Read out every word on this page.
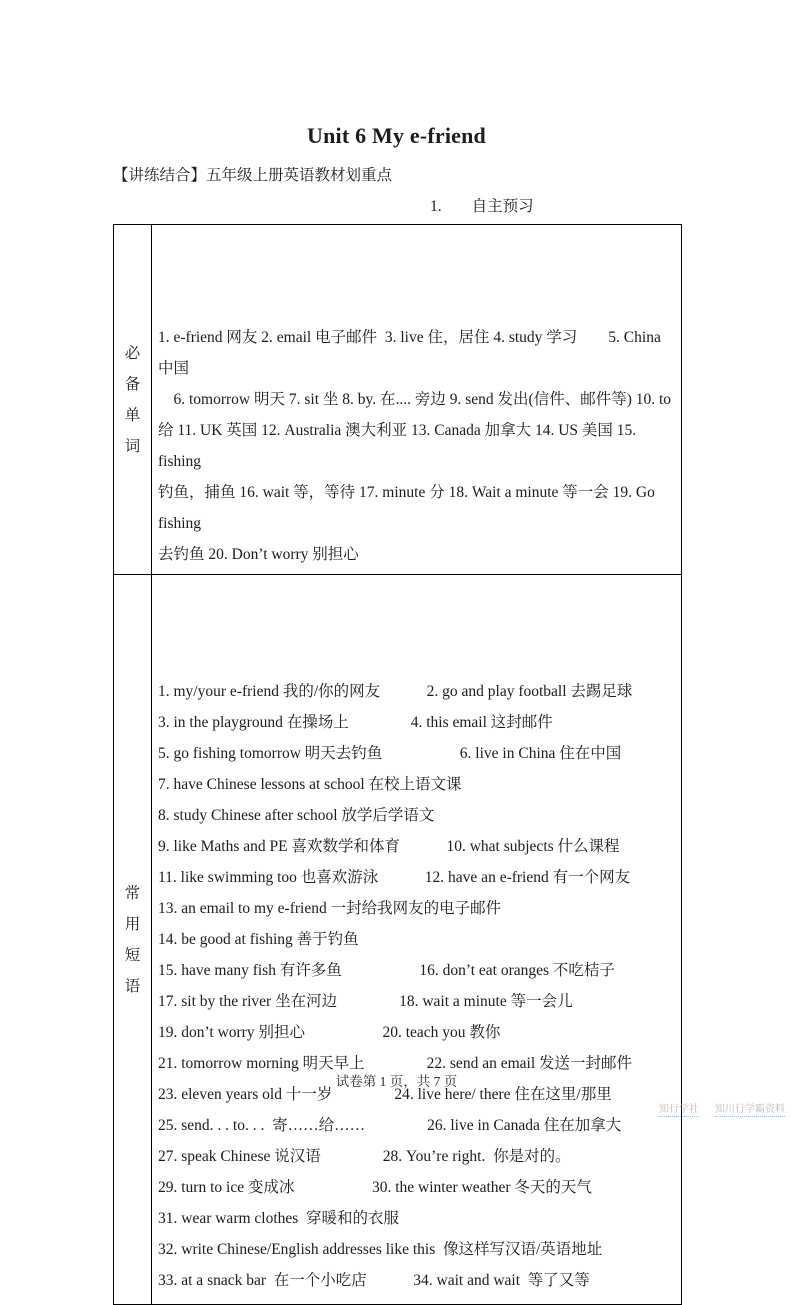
Unit 6 My e-friend
【讲练结合】五年级上册英语教材划重点
1. 自主预习
必
备
单
词

1. e-friend 网友 2. email 电子邮件  3. live 住，居住 4. study 学习　　5. China 中国
　6. tomorrow 明天 7. sit 坐 8. by. 在.... 旁边 9. send 发出(信件、邮件等) 10. to
给 11. UK 英国 12. Australia 澳大利亚 13. Canada 加拿大 14. US 美国 15. fishing
钓鱼，捕鱼 16. wait 等，等待 17. minute 分 18. Wait a minute 等一会 19. Go fishing
去钓鱼 20. Don’t worry 别担心
常
用
短
语

1. my/your e-friend 我的/你的网友　　　2. go and play football 去踢足球
3. in the playground 在操场上　　　　4. this email 这封邮件
5. go fishing tomorrow 明天去钓鱼　　　　　6. live in China 住在中国
7. have Chinese lessons at school 在校上语文课
8. study Chinese after school 放学后学语文
9. like Maths and PE 喜欢数学和体育　　　10. what subjects 什么课程
11. like swimming too 也喜欢游泳　　　12. have an e-friend 有一个网友
13. an email to my e-friend 一封给我网友的电子邮件
14. be good at fishing 善于钓鱼
15. have many fish 有许多鱼　　　　　16. don’t eat oranges 不吃桔子
17. sit by the river 坐在河边　　　　18. wait a minute 等一会儿
19. don’t worry 别担心　　　　　20. teach you 教你
21. tomorrow morning 明天早上　　　　22. send an email 发送一封邮件
23. eleven years old 十一岁　　　　24. live here/ there 住在这里/那里
25. send. . . to. . .  寄……给……　　　　26. live in Canada 住在加拿大
27. speak Chinese 说汉语　　　　28. You’re right.  你是对的。
29. turn to ice 变成冰　　　　　30. the winter weather 冬天的天气
31. wear warm clothes  穿暖和的衣服
32. write Chinese/English addresses like this  像这样写汉语/英语地址
33. at a snack bar  在一个小吃店　　　34. wait and wait  等了又等
试卷第 1 页，共 7 页
知行学社 知川行学霸资料
